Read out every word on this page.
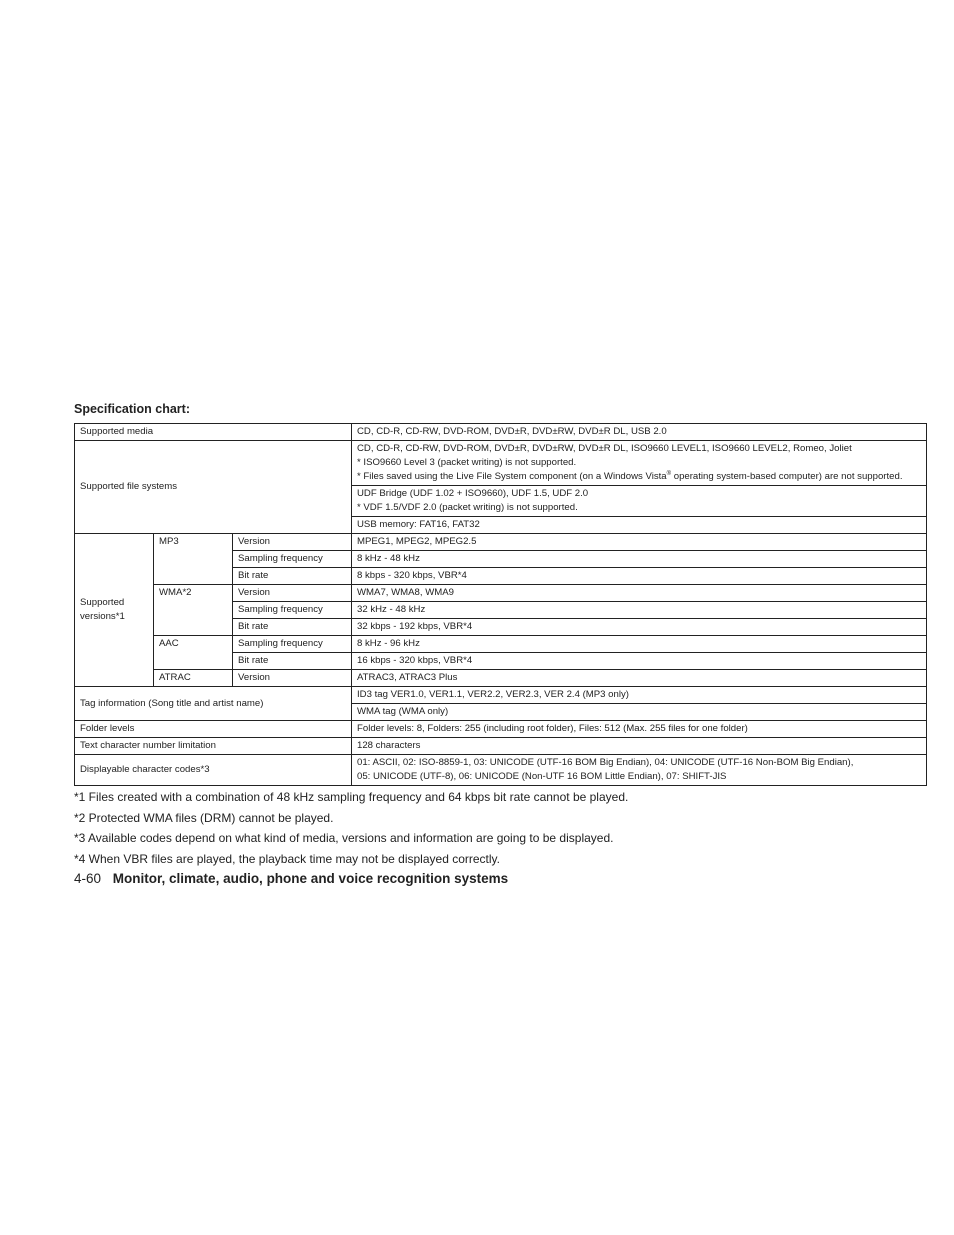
Specification chart:
Supported media			CD, CD-R, CD-RW, DVD-ROM, DVD±R, DVD±RW, DVD±R DL, USB 2.0
Supported file systems			CD, CD-R, CD-RW, DVD-ROM, DVD±R, DVD±RW, DVD±R DL, ISO9660 LEVEL1, ISO9660 LEVEL2, Romeo, Joliet
* ISO9660 Level 3 (packet writing) is not supported.
* Files saved using the Live File System component (on a Windows Vista® operating system-based computer) are not supported.

			UDF Bridge (UDF 1.02 + ISO9660), UDF 1.5, UDF 2.0
* VDF 1.5/VDF 2.0 (packet writing) is not supported.

			USB memory: FAT16, FAT32
Supported versions*1	MP3	Version	MPEG1, MPEG2, MPEG2.5
		Sampling frequency	8 kHz - 48 kHz
		Bit rate	8 kbps - 320 kbps, VBR*4
	WMA*2	Version	WMA7, WMA8, WMA9
		Sampling frequency	32 kHz - 48 kHz
		Bit rate	32 kbps - 192 kbps, VBR*4
	AAC	Sampling frequency	8 kHz - 96 kHz
		Bit rate	16 kbps - 320 kbps, VBR*4
	ATRAC	Version	ATRAC3, ATRAC3 Plus
Tag information (Song title and artist name)			ID3 tag VER1.0, VER1.1, VER2.2, VER2.3, VER 2.4 (MP3 only)
			WMA tag (WMA only)
Folder levels			Folder levels: 8, Folders: 255 (including root folder), Files: 512 (Max. 255 files for one folder)
Text character number limitation			128 characters
Displayable character codes*3			01: ASCII, 02: ISO-8859-1, 03: UNICODE (UTF-16 BOM Big Endian), 04: UNICODE (UTF-16 Non-BOM Big Endian),
05: UNICODE (UTF-8), 06: UNICODE (Non-UTF 16 BOM Little Endian), 07: SHIFT-JIS

*1 Files created with a combination of 48 kHz sampling frequency and 64 kbps bit rate cannot be played.

*2 Protected WMA files (DRM) cannot be played.

*3 Available codes depend on what kind of media, versions and information are going to be displayed.

*4 When VBR files are played, the playback time may not be displayed correctly.

4-60 Monitor, climate, audio, phone and voice recognition systems
